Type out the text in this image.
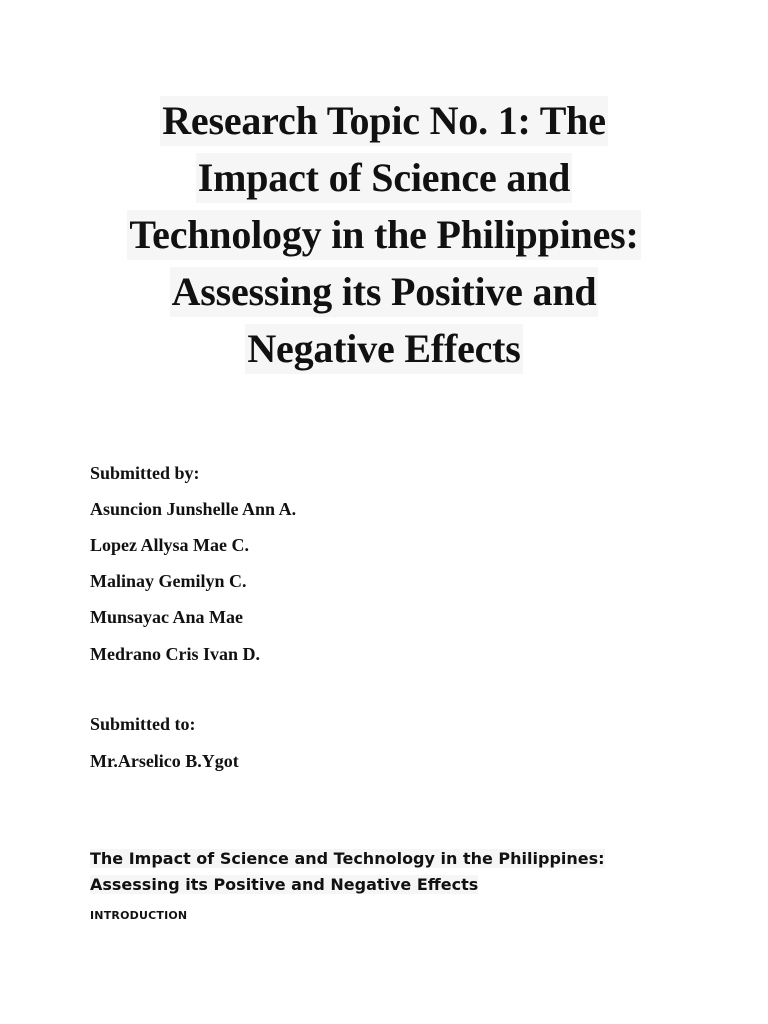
Research Topic No. 1: The
Impact of Science and
Technology in the Philippines:
Assessing its Positive and
Negative Effects
Submitted by:
Asuncion Junshelle Ann A.
Lopez Allysa Mae C.
Malinay Gemilyn C.
Munsayac Ana Mae
Medrano Cris Ivan D.
Submitted to:
Mr.Arselico B.Ygot
The Impact of Science and Technology in the Philippines: Assessing its Positive and Negative Effects
INTRODUCTION
